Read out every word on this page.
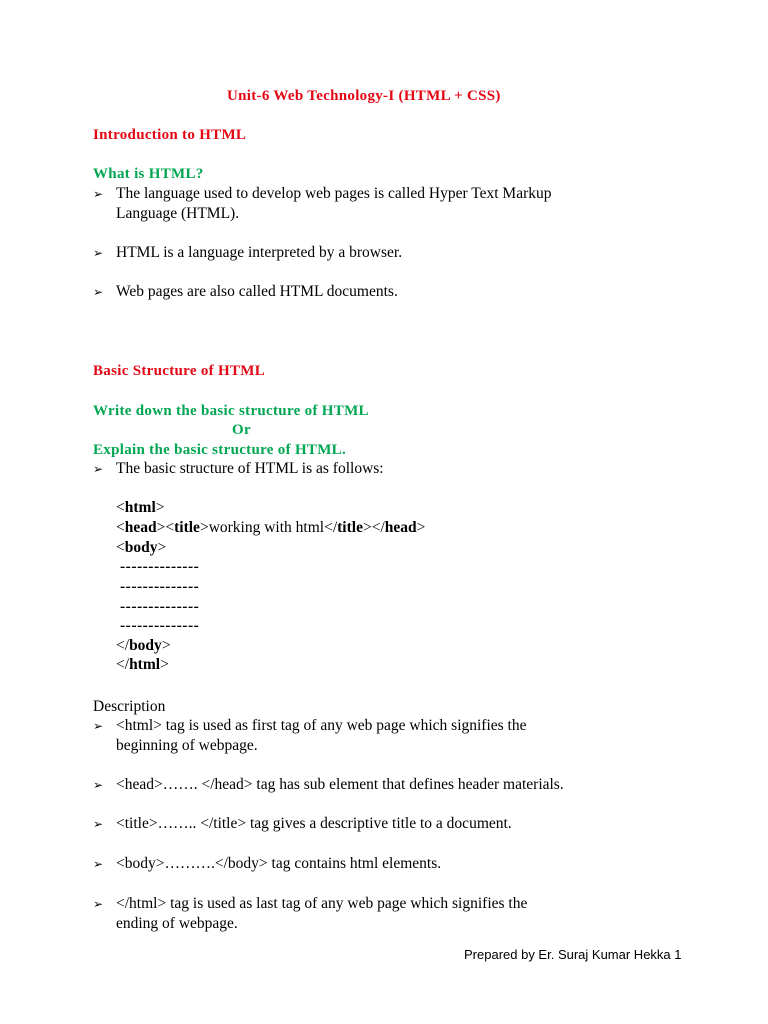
Unit-6 Web Technology-I (HTML + CSS)
Introduction to HTML
What is HTML?
➢ The language used to develop web pages is called Hyper Text Markup
Language (HTML).
➢ HTML is a language interpreted by a browser.
➢ Web pages are also called HTML documents.
Basic Structure of HTML
Write down the basic structure of HTML
Or
Explain the basic structure of HTML.
➢ The basic structure of HTML is as follows:
<html>
<head><title>working with html</title></head>
<body>
--------------
--------------
--------------
--------------
</body>
</html>
Description
➢ <html> tag is used as first tag of any web page which signifies the
beginning of webpage.
➢ <head>……. </head> tag has sub element that defines header materials.
➢ <title>…….. </title> tag gives a descriptive title to a document.
➢ <body>……….</body> tag contains html elements.
➢ </html> tag is used as last tag of any web page which signifies the
ending of webpage.
Prepared by Er. Suraj Kumar Hekka 1
